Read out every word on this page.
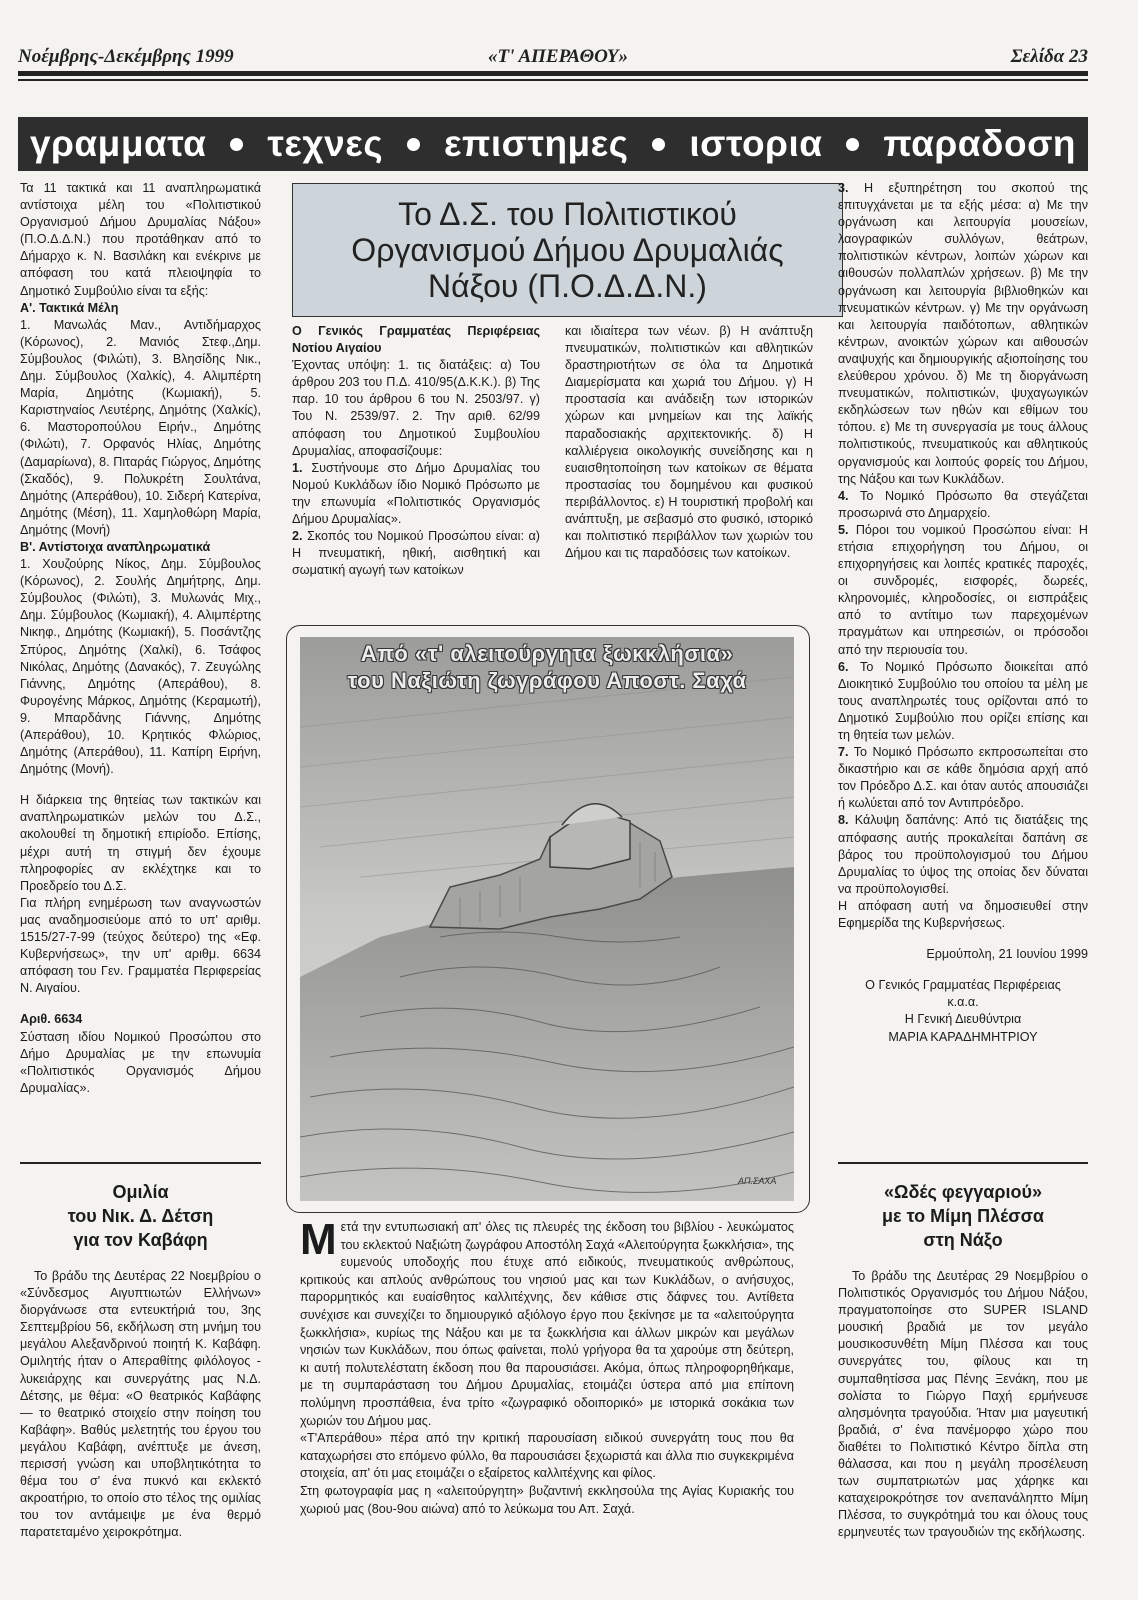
Νοέμβρης-Δεκέμβρης 1999	«Τ' ΑΠΕΡΑΘΟΥ»	Σελίδα 23
γραμματα τεχνες επιστημες ιστορια παραδοση
Το Δ.Σ. του Πολιτιστικού
Οργανισμού Δήμου Δρυμαλιάς
Νάξου (Π.Ο.Δ.Δ.Ν.)

Τα 11 τακτικά και 11 αναπληρωματικά αντίστοιχα μέλη του «Πολιτιστικού Οργανισμού Δήμου Δρυμαλίας Νάξου» (Π.Ο.Δ.Δ.Ν.) που προτάθηκαν από το Δήμαρχο κ. Ν. Βασιλάκη και ενέκρινε με απόφαση του κατά πλειοψηφία το Δημοτικό Συμβούλιο είναι τα εξής:

Α'. Τακτικά Μέλη

1. Μανωλάς Μαν., Αντιδήμαρχος (Κόρωνος), 2. Μανιός Στεφ.,Δημ. Σύμβουλος (Φιλώτι), 3. Βλησίδης Νικ., Δημ. Σύμβουλος (Χαλκίς), 4. Αλιμπέρτη Μαρία, Δημότης (Κωμιακή), 5. Καριστηναίος Λευτέρης, Δημότης (Χαλκίς), 6. Μαστοροπούλου Ειρήν., Δημότης (Φιλώτι), 7. Ορφανός Ηλίας, Δημότης (Δαμαρίωνα), 8. Πιταράς Γιώργος, Δημότης (Σκαδός), 9. Πολυκρέτη Σουλτάνα, Δημότης (Απεράθου), 10. Σιδερή Κατερίνα, Δημότης (Μέση), 11. Χαμηλοθώρη Μαρία, Δημότης (Μονή)

Β'. Αντίστοιχα αναπληρωματικά

1. Χουζούρης Νίκος, Δημ. Σύμβουλος (Κόρωνος), 2. Σουλής Δημήτρης, Δημ. Σύμβουλος (Φιλώτι), 3. Μυλωνάς Μιχ., Δημ. Σύμβουλος (Κωμιακή), 4. Αλιμπέρτης Νικηφ., Δημότης (Κωμιακή), 5. Ποσάντζης Σπύρος, Δημότης (Χαλκί), 6. Τσάφος Νικόλας, Δημότης (Δανακός), 7. Ζευγώλης Γιάννης, Δημότης (Απεράθου), 8. Φυρογένης Μάρκος, Δημότης (Κεραμωτή), 9. Μπαρδάνης Γιάννης, Δημότης (Απεράθου), 10. Κρητικός Φλώριος, Δημότης (Απεράθου), 11. Καπίρη Ειρήνη, Δημότης (Μονή).

Η διάρκεια της θητείας των τακτικών και αναπληρωματικών μελών του Δ.Σ., ακολουθεί τη δημοτική επιρίοδο. Επίσης, μέχρι αυτή τη στιγμή δεν έχουμε πληροφορίες αν εκλέχτηκε και το Προεδρείο του Δ.Σ.

Για πλήρη ενημέρωση των αναγνωστών μας αναδημοσιεύομε από το υπ' αριθμ. 1515/27-7-99 (τεύχος δεύτερο) της «Εφ. Κυβερνήσεως», την υπ' αριθμ. 6634 απόφαση του Γεν. Γραμματέα Περιφερείας Ν. Αιγαίου.

Αριθ. 6634

Σύσταση ιδίου Νομικού Προσώπου στο Δήμο Δρυμαλίας με την επωνυμία «Πολιτιστικός Οργανισμός Δήμου Δρυμαλίας».

Ο Γενικός Γραμματέας Περιφέρειας Νοτίου Αιγαίου

Έχοντας υπόψη: 1. τις διατάξεις: α) Του άρθρου 203 του Π.Δ. 410/95(Δ.Κ.Κ.). β) Της παρ. 10 του άρθρου 6 του Ν. 2503/97. γ) Του Ν. 2539/97. 2. Την αριθ. 62/99 απόφαση του Δημοτικού Συμβουλίου Δρυμαλίας, αποφασίζουμε:

1. Συστήνουμε στο Δήμο Δρυμαλίας του Νομού Κυκλάδων ίδιο Νομικό Πρόσωπο με την επωνυμία «Πολιτιστικός Οργανισμός Δήμου Δρυμαλίας».

2. Σκοπός του Νομικού Προσώπου είναι: α) Η πνευματική, ηθική, αισθητική και σωματική αγωγή των κατοίκων

και ιδιαίτερα των νέων. β) Η ανάπτυξη πνευματικών, πολιτιστικών και αθλητικών δραστηριοτήτων σε όλα τα Δημοτικά Διαμερίσματα και χωριά του Δήμου. γ) Η προστασία και ανάδειξη των ιστορικών χώρων και μνημείων και της λαϊκής παραδοσιακής αρχιτεκτονικής. δ) Η καλλιέργεια οικολογικής συνείδησης και η ευαισθητοποίηση των κατοίκων σε θέματα προστασίας του δομημένου και φυσικού περιβάλλοντος. ε) Η τουριστική προβολή και ανάπτυξη, με σεβασμό στο φυσικό, ιστορικό και πολιτιστικό περιβάλλον των χωριών του Δήμου και τις παραδόσεις των κατοίκων.

3. Η εξυπηρέτηση του σκοπού της επιτυγχάνεται με τα εξής μέσα: α) Με την οργάνωση και λειτουργία μουσείων, λαογραφικών συλλόγων, θεάτρων, πολιτιστικών κέντρων, λοιπών χώρων και αιθουσών πολλαπλών χρήσεων. β) Με την οργάνωση και λειτουργία βιβλιοθηκών και πνευματικών κέντρων. γ) Με την οργάνωση και λειτουργία παιδότοπων, αθλητικών κέντρων, ανοικτών χώρων και αιθουσών αναψυχής και δημιουργικής αξιοποίησης του ελεύθερου χρόνου. δ) Με τη διοργάνωση πνευματικών, πολιτιστικών, ψυχαγωγικών εκδηλώσεων των ηθών και εθίμων του τόπου. ε) Με τη συνεργασία με τους άλλους πολιτιστικούς, πνευματικούς και αθλητικούς οργανισμούς και λοιπούς φορείς του Δήμου, της Νάξου και των Κυκλάδων.

4. Το Νομικό Πρόσωπο θα στεγάζεται προσωρινά στο Δημαρχείο.

5. Πόροι του νομικού Προσώπου είναι: Η ετήσια επιχορήγηση του Δήμου, οι επιχορηγήσεις και λοιπές κρατικές παροχές, οι συνδρομές, εισφορές, δωρεές, κληρονομιές, κληροδοσίες, οι εισπράξεις από το αντίτιμο των παρεχομένων πραγμάτων και υπηρεσιών, οι πρόσοδοι από την περιουσία του.

6. Το Νομικό Πρόσωπο διοικείται από Διοικητικό Συμβούλιο του οποίου τα μέλη με τους αναπληρωτές τους ορίζονται από το Δημοτικό Συμβούλιο που ορίζει επίσης και τη θητεία των μελών.

7. Το Νομικό Πρόσωπο εκπροσωπείται στο δικαστήριο και σε κάθε δημόσια αρχή από τον Πρόεδρο Δ.Σ. και όταν αυτός απουσιάζει ή κωλύεται από τον Αντιπρόεδρο.

8. Κάλυψη δαπάνης: Από τις διατάξεις της απόφασης αυτής προκαλείται δαπάνη σε βάρος του προϋπολογισμού του Δήμου Δρυμαλίας το ύψος της οποίας δεν δύναται να προϋπολογισθεί.

Η απόφαση αυτή να δημοσιευθεί στην Εφημερίδα της Κυβερνήσεως.

Ερμούπολη, 21 Ιουνίου 1999

Ο Γενικός Γραμματέας Περιφέρειας

κ.α.α.

Η Γενική Διευθύντρια

ΜΑΡΙΑ ΚΑΡΑΔΗΜΗΤΡΙΟΥ

Ομιλία
του Νικ. Δ. Δέτση
για τον Καβάφη
Το βράδυ της Δευτέρας 22 Νοεμβρίου ο «Σύνδεσμος Αιγυπτιωτών Ελλήνων» διοργάνωσε στα εντευκτήριά του, 3ης Σεπτεμβρίου 56, εκδήλωση στη μνήμη του μεγάλου Αλεξανδρινού ποιητή Κ. Καβάφη. Ομιλητής ήταν ο Απεραθίτης φιλόλογος - λυκειάρχης και συνεργάτης μας Ν.Δ. Δέτσης, με θέμα: «Ο θεατρικός Καβάφης — το θεατρικό στοιχείο στην ποίηση του Καβάφη». Βαθύς μελετητής του έργου του μεγάλου Καβάφη, ανέπτυξε με άνεση, περισσή γνώση και υποβλητικότητα το θέμα του σ' ένα πυκνό και εκλεκτό ακροατήριο, το οποίο στο τέλος της ομιλίας του τον αντάμειψε με ένα θερμό παρατεταμένο χειροκρότημα.
«Ωδές φεγγαριού»
με το Μίμη Πλέσσα
στη Νάξο
Το βράδυ της Δευτέρας 29 Νοεμβρίου ο Πολιτιστικός Οργανισμός του Δήμου Νάξου, πραγματοποίησε στο SUPER ISLAND μουσική βραδιά με τον μεγάλο μουσικοσυνθέτη Μίμη Πλέσσα και τους συνεργάτες του, φίλους και τη συμπαθητίσσα μας Πένης Ξενάκη, που με σολίστα το Γιώργο Παχή ερμήνευσε αλησμόνητα τραγούδια. Ήταν μια μαγευτική βραδιά, σ' ένα πανέμορφο χώρο που διαθέτει το Πολιτιστικό Κέντρο δίπλα στη θάλασσα, και που η μεγάλη προσέλευση των συμπατριωτών μας χάρηκε και καταχειροκρότησε τον ανεπανάληπτο Μίμη Πλέσσα, το συγκρότημά του και όλους τους ερμηνευτές των τραγουδιών της εκδήλωσης.
Από «τ' αλειτούργητα ξωκκλήσια»
του Ναξιώτη ζωγράφου Αποστ. Σαχά
ΑΠ.ΣΑΧΑ

Μετά την εντυπωσιακή απ' όλες τις πλευρές της έκδοση του βιβλίου - λευκώματος του εκλεκτού Ναξιώτη ζωγράφου Αποστόλη Σαχά «Αλειτούργητα ξωκκλήσια», της ευμενούς υποδοχής που έτυχε από ειδικούς, πνευματικούς ανθρώπους, κριτικούς και απλούς ανθρώπους του νησιού μας και των Κυκλάδων, ο ανήσυχος, παρορμητικός και ευαίσθητος καλλιτέχνης, δεν κάθισε στις δάφνες του. Αντίθετα συνέχισε και συνεχίζει το δημιουργικό αξιόλογο έργο που ξεκίνησε με τα «αλειτούργητα ξωκκλήσια», κυρίως της Νάξου και με τα ξωκκλήσια και άλλων μικρών και μεγάλων νησιών των Κυκλάδων, που όπως φαίνεται, πολύ γρήγορα θα τα χαρούμε στη δεύτερη, κι αυτή πολυτελέστατη έκδοση που θα παρουσιάσει. Ακόμα, όπως πληροφορηθήκαμε, με τη συμπαράσταση του Δήμου Δρυμαλίας, ετοιμάζει ύστερα από μια επίπονη πολύμηνη προσπάθεια, ένα τρίτο «ζωγραφικό οδοιπορικό» με ιστορικά σοκάκια των χωριών του Δήμου μας.

«Τ'Απεράθου» πέρα από την κριτική παρουσίαση ειδικού συνεργάτη τους που θα καταχωρήσει στο επόμενο φύλλο, θα παρουσιάσει ξεχωριστά και άλλα πιο συγκεκριμένα στοιχεία, απ' ότι μας ετοιμάζει ο εξαίρετος καλλιτέχνης και φίλος.

Στη φωτογραφία μας η «αλειτούργητη» βυζαντινή εκκλησούλα της Αγίας Κυριακής του χωριού μας (8ου-9ου αιώνα) από το λεύκωμα του Απ. Σαχά.
